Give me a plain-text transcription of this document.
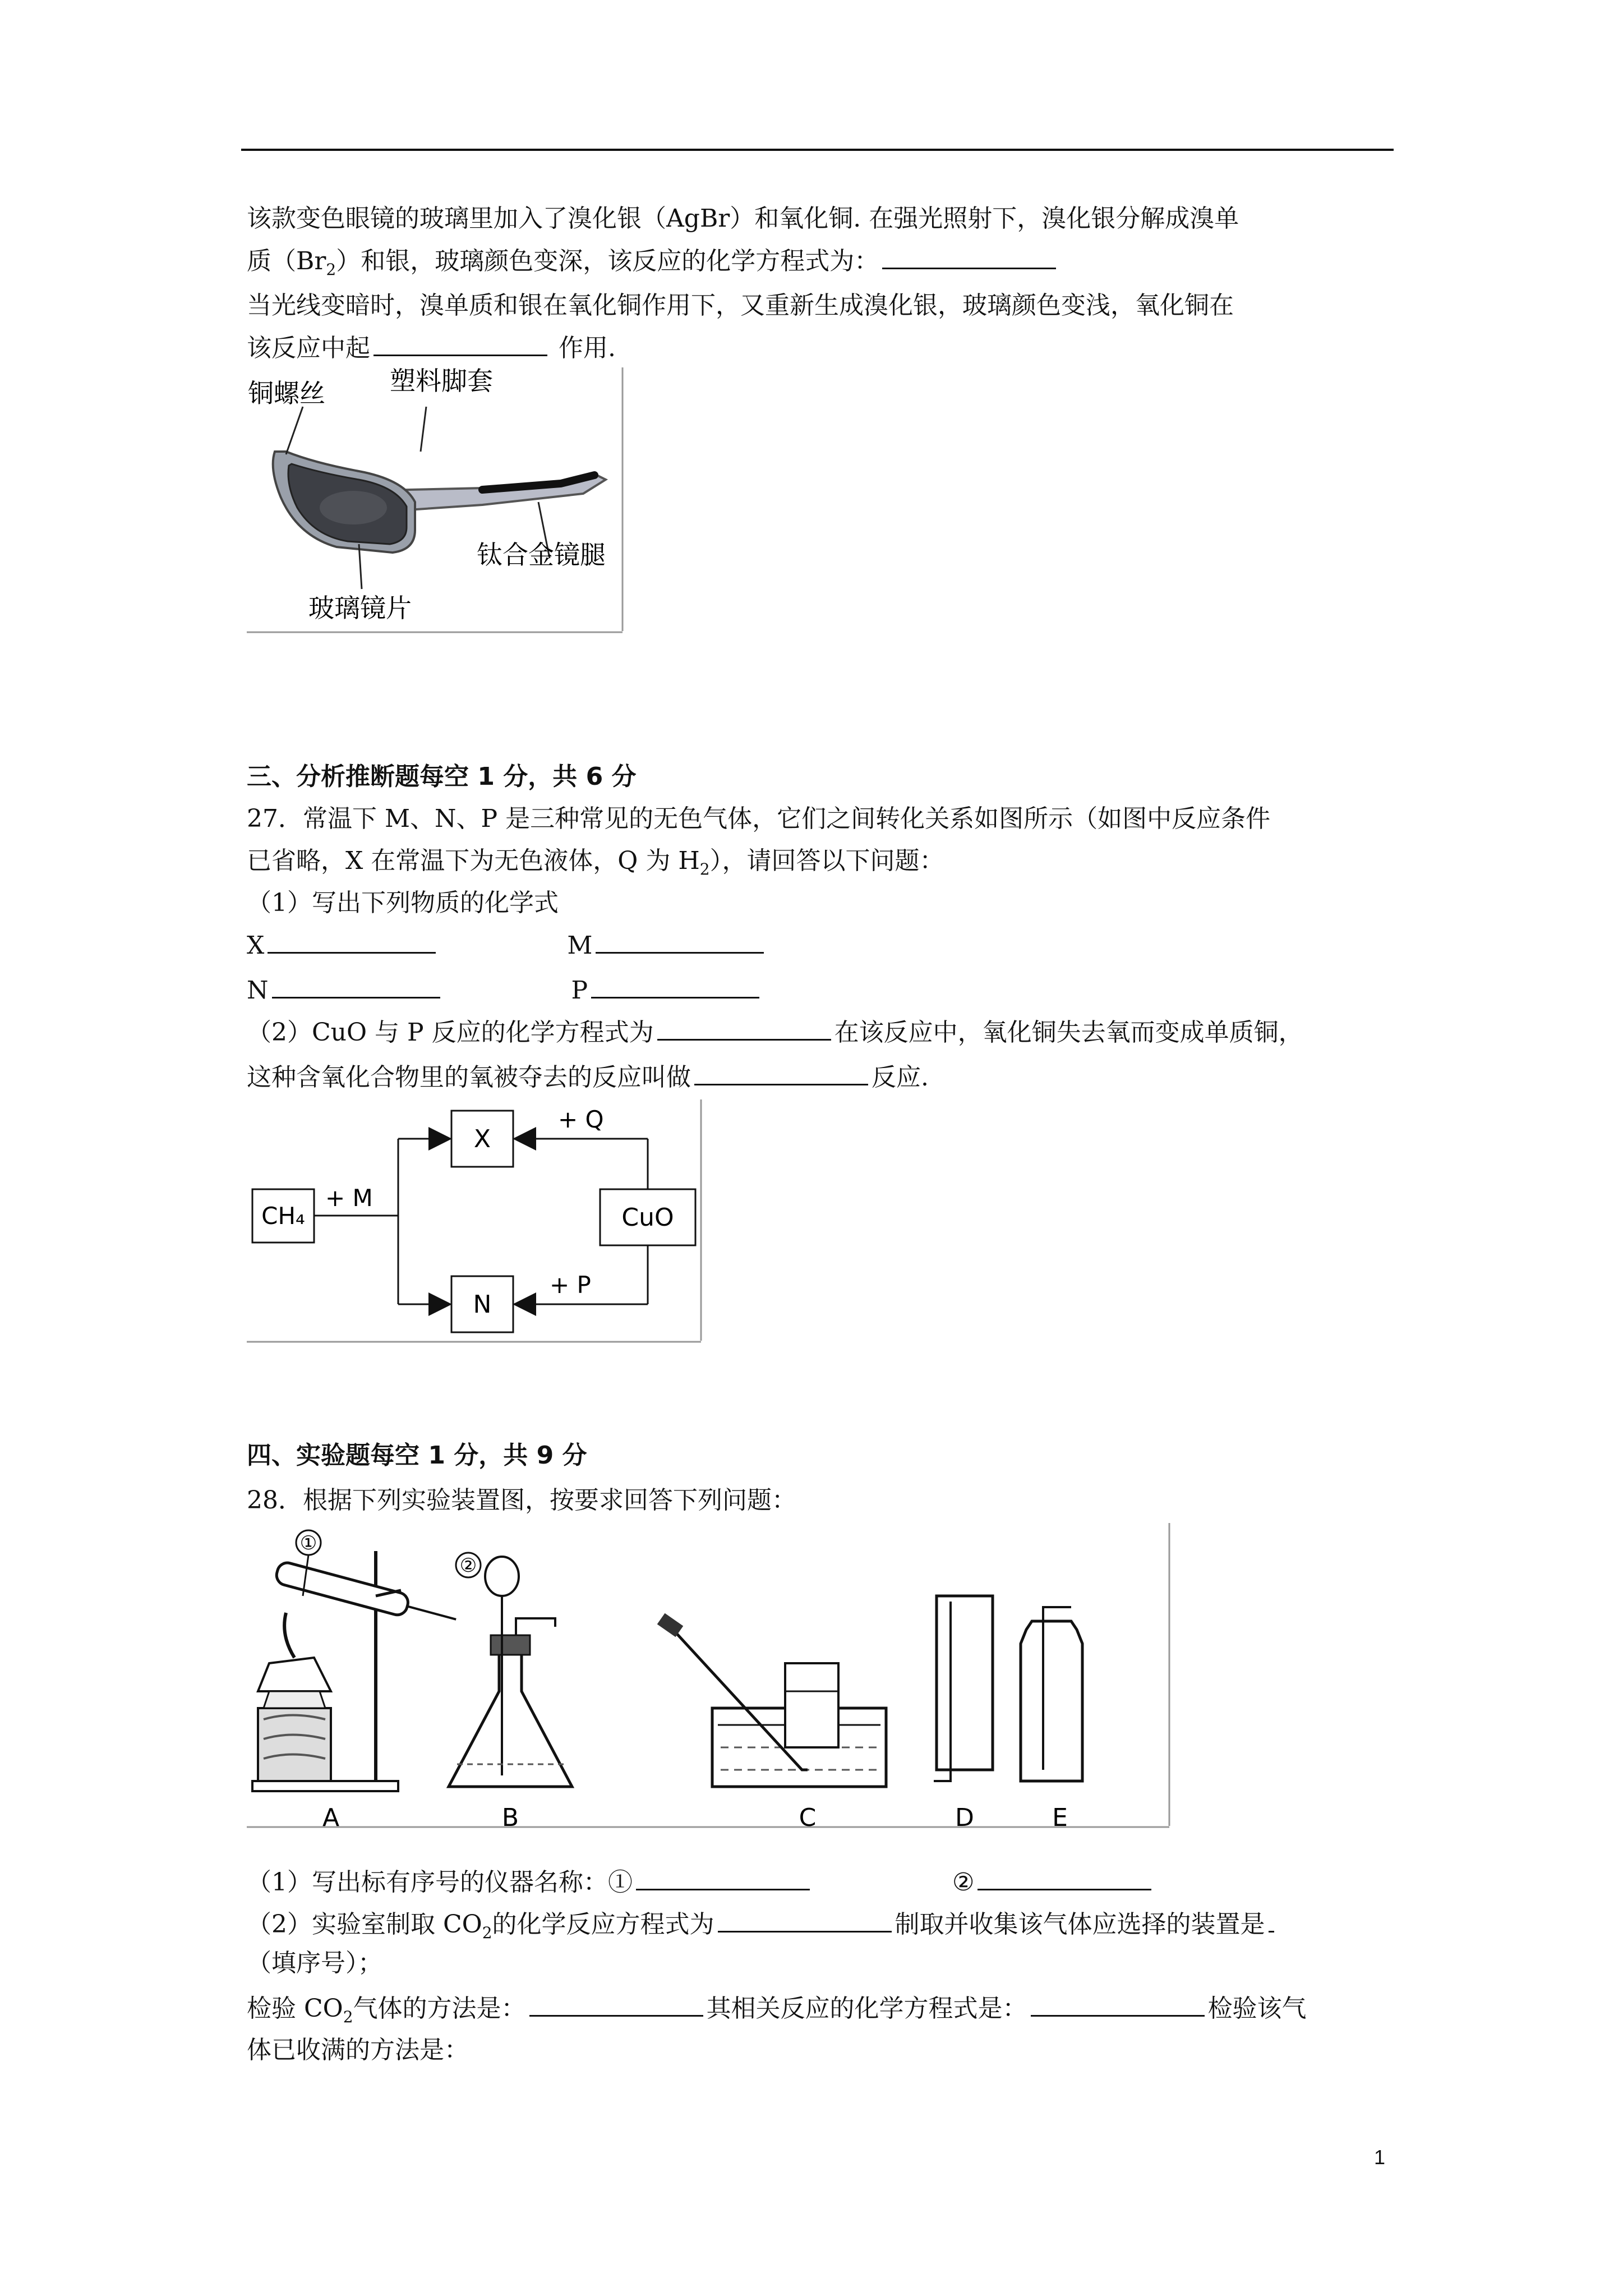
该款变色眼镜的玻璃里加入了溴化银（AgBr）和氧化铜. 在强光照射下，溴化银分解成溴单
质$(Br_2)$和银，玻璃颜色变深，该反应的化学方程式为：
当光线变暗时，溴单质和银在氧化铜作用下，又重新生成溴化银，玻璃颜色变浅，氧化铜在
该反应中起	作用.
铜螺丝	塑料脚套
钛合金镜腿
玻璃镜片
三、分析推断题每空 1 分，共 6 分
27．常温下 M、N、P 是三种常见的无色气体，它们之间转化关系如图所示（如图中反应条件
已省略，X 在常温下为无色液体，Q 为 $H_2$），请回答以下问题：
（1）写出下列物质的化学式
X	M
N	P
（2）CuO 与 P 反应的化学方程式为	在该反应中，氧化铜失去氧而变成单质铜，
这种含氧化合物里的氧被夺去的反应叫做	反应.
CH₄
+ M
X
N
CuO
+ Q
+ P
四、实验题每空 1 分，共 9 分
28．根据下列实验装置图，按要求回答下列问题：
①
A
②
B	C	D	E
（1）写出标有序号的仪器名称：①	②
（2）实验室制取 $CO_2$的化学反应方程式为	制取并收集该气体应选择的装置是
（填序号）；
检验 $CO_2$气体的方法是：	其相关反应的化学方程式是：	检验该气
体已收满的方法是：
1
